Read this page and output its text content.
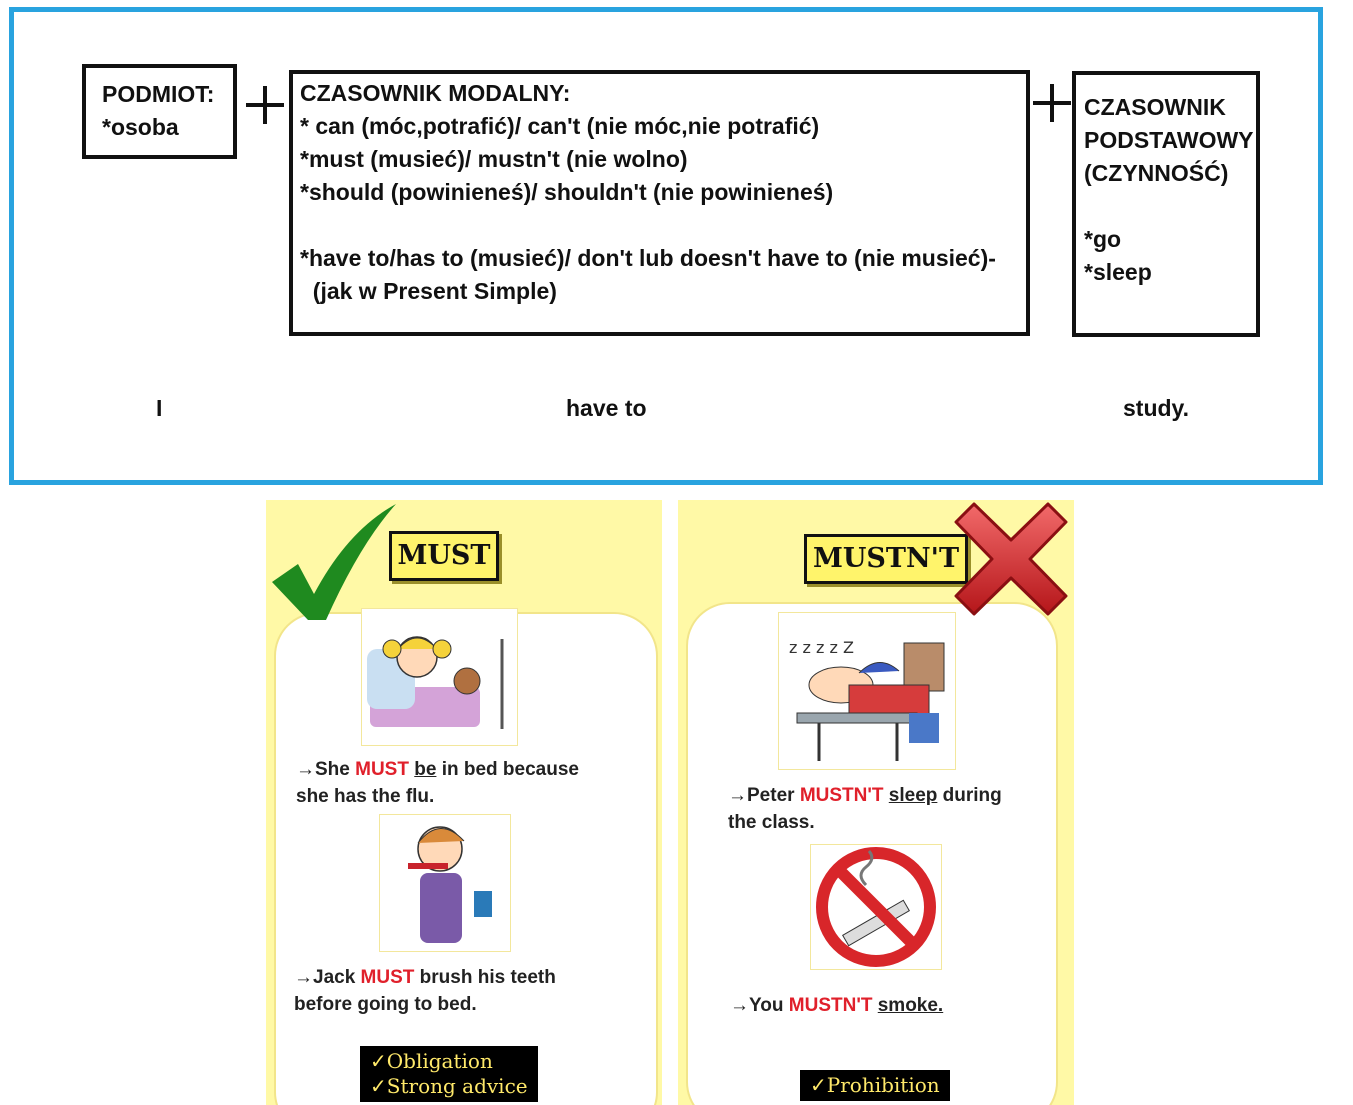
PODMIOT:
*osoba
CZASOWNIK MODALNY:
* can (móc,potrafić)/ can't (nie móc,nie potrafić)
*must (musieć)/ mustn't (nie wolno)
*should (powinieneś)/ shouldn't (nie powinieneś)
*have to/has to (musieć)/ don't lub doesn't have to (nie musieć)-
(jak w Present Simple)
CZASOWNIK
PODSTAWOWY
(CZYNNOŚĆ)
*go
*sleep
I	have to	study.
MUST
→She MUST be in bed because
she has the flu.
→Jack MUST brush his teeth
before going to bed.
✓Obligation
✓Strong advice
MUSTN'T
z z z z Z
→Peter MUSTN'T sleep during
the class.
→You MUSTN'T smoke.
✓Prohibition
